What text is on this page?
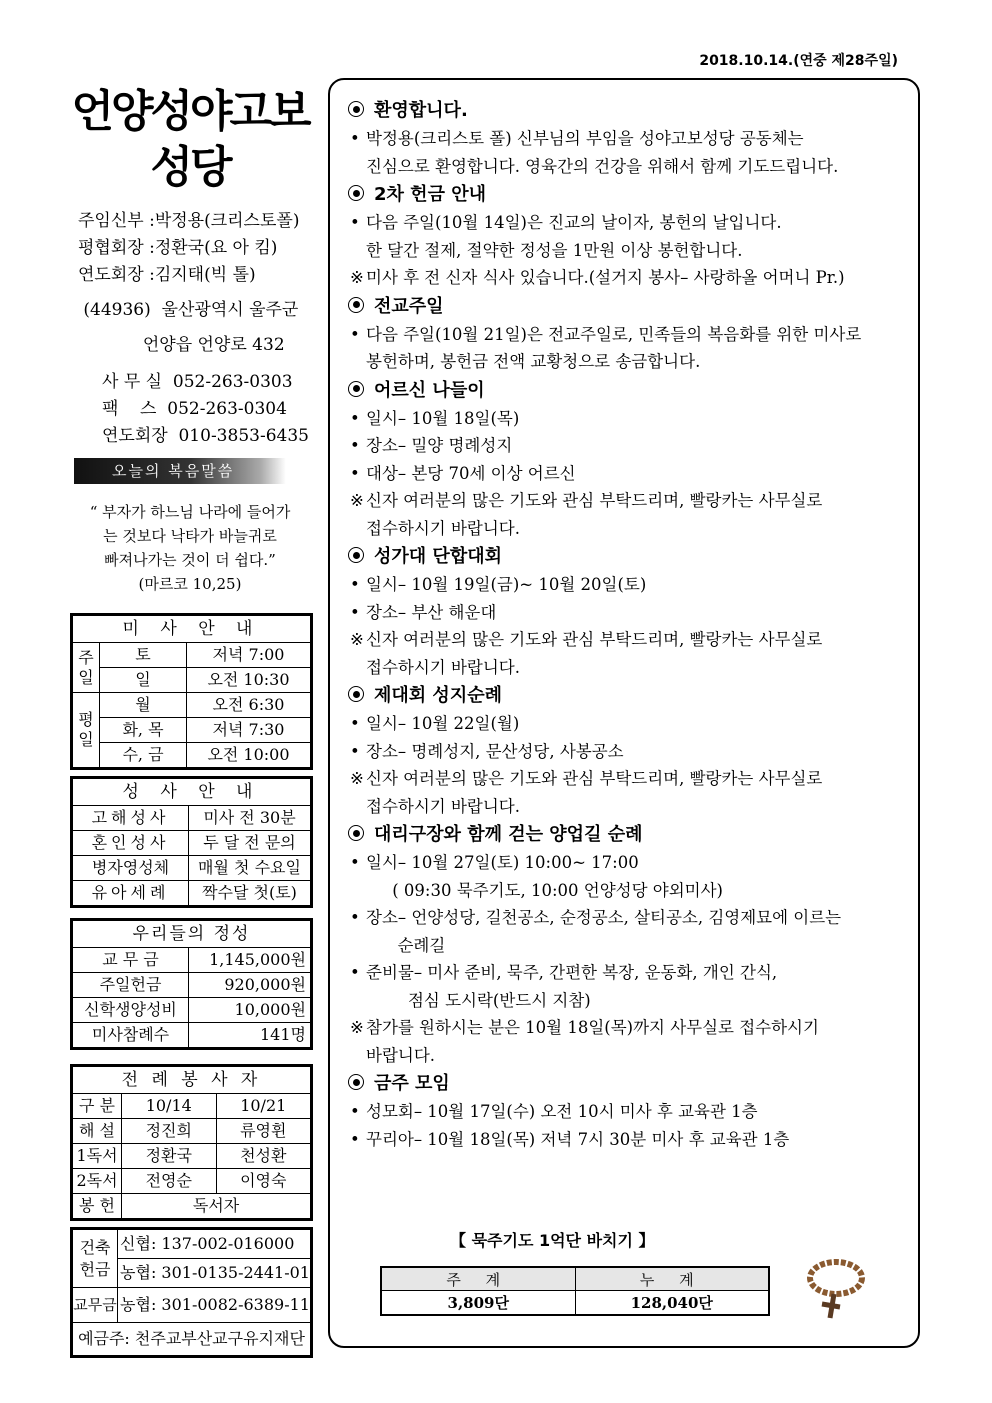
2018.10.14.(연중 제28주일)
언양성야고보
성당
주임신부 :박정용(크리스토폴)
평협회장 :정환국(요 아 킴)
연도회장 :김지태(빅 톨)
(44936)  울산광역시 울주군
언양읍 언양로 432
사 무 실  052-263-0303
팩    스  052-263-0304
연도회장  010-3853-6435
오늘의 복음말씀
“ 부자가 하느님 나라에 들어가
는 것보다 낙타가 바늘귀로
빠져나가는 것이 더 쉽다.”
(마르코 10,25)
미 사 안 내		
주일	토	저녁 7:00
	일	오전 10:30
평일	월	오전 6:30
	화, 목	저녁 7:30
	수, 금	오전 10:00
성 사 안 내	
고해성사	미사 전 30분
혼인성사	두 달 전 문의
병자영성체	매월 첫 수요일
유아세례	짝수달 첫(토)
우리들의 정성	
교 무 금	1,145,000원
주일헌금	920,000원
신학생양성비	10,000원
미사참례수	141명
전 례 봉 사 자		
구 분	10/14	10/21
해 설	정진희	류영휜
1독서	정환국	천성환
2독서	전영순	이영숙
봉 헌	독서자	
건축헌금	신협: 137-002-016000
	농협: 301-0135-2441-01
교무금	농협: 301-0082-6389-11
예금주: 천주교부산교구유지재단	
환영합니다.
• 박정용(크리스토 폴) 신부님의 부임을 성야고보성당 공동체는
진심으로 환영합니다. 영육간의 건강을 위해서 함께 기도드립니다.
2차 헌금 안내
• 다음 주일(10월 14일)은 진교의 날이자, 봉헌의 날입니다.
한 달간 절제, 절약한 정성을 1만원 이상 봉헌합니다.
※ 미사 후 전 신자 식사 있습니다.(설거지 봉사– 사랑하올 어머니 Pr.)
전교주일
• 다음 주일(10월 21일)은 전교주일로, 민족들의 복음화를 위한 미사로
봉헌하며, 봉헌금 전액 교황청으로 송금합니다.
어르신 나들이
• 일시– 10월 18일(목)
• 장소– 밀양 명례성지
• 대상– 본당 70세 이상 어르신
※ 신자 여러분의 많은 기도와 관심 부탁드리며, 빨랑카는 사무실로
접수하시기 바랍니다.
성가대 단합대회
• 일시– 10월 19일(금)~ 10월 20일(토)
• 장소– 부산 해운대
※ 신자 여러분의 많은 기도와 관심 부탁드리며, 빨랑카는 사무실로
접수하시기 바랍니다.
제대회 성지순례
• 일시– 10월 22일(월)
• 장소– 명례성지, 문산성당, 사봉공소
※ 신자 여러분의 많은 기도와 관심 부탁드리며, 빨랑카는 사무실로
접수하시기 바랍니다.
대리구장와 함께 걷는 양업길 순례
• 일시– 10월 27일(토) 10:00~ 17:00
( 09:30 묵주기도, 10:00 언양성당 야외미사)
• 장소– 언양성당, 길천공소, 순정공소, 살티공소, 김영제묘에 이르는
순례길
• 준비물– 미사 준비, 묵주, 간편한 복장, 운동화, 개인 간식,
점심 도시락(반드시 지참)
※ 참가를 원하시는 분은 10월 18일(목)까지 사무실로 접수하시기
바랍니다.
금주 모임
• 성모회– 10월 17일(수) 오전 10시 미사 후 교육관 1층
• 꾸리아– 10월 18일(목) 저녁 7시 30분 미사 후 교육관 1층
【 묵주기도 1억단 바치기 】
주 계	누 계
3,809단	128,040단
